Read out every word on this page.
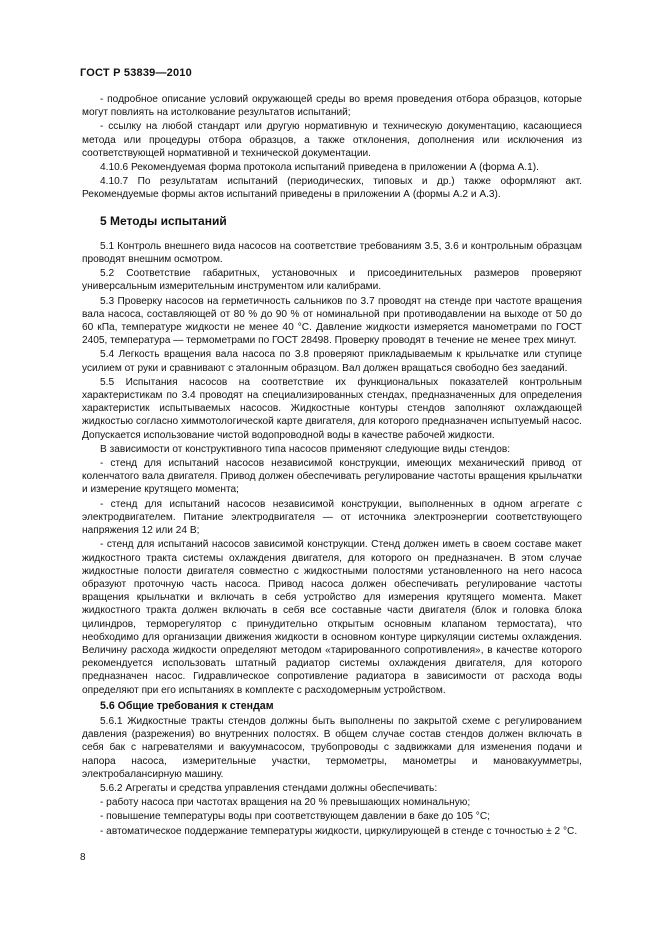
ГОСТ Р 53839—2010

- подробное описание условий окружающей среды во время проведения отбора образцов, которые могут повлиять на истолкование результатов испытаний;

- ссылку на любой стандарт или другую нормативную и техническую документацию, касающиеся метода или процедуры отбора образцов, а также отклонения, дополнения или исключения из соответствующей нормативной и технической документации.

4.10.6 Рекомендуемая форма протокола испытаний приведена в приложении А (форма А.1).

4.10.7 По результатам испытаний (периодических, типовых и др.) также оформляют акт. Рекомендуемые формы актов испытаний приведены в приложении А (формы А.2 и А.3).

5 Методы испытаний

5.1 Контроль внешнего вида насосов на соответствие требованиям 3.5, 3.6 и контрольным образцам проводят внешним осмотром.

5.2 Соответствие габаритных, установочных и присоединительных размеров проверяют универсальным измерительным инструментом или калибрами.

5.3 Проверку насосов на герметичность сальников по 3.7 проводят на стенде при частоте вращения вала насоса, составляющей от 80 % до 90 % от номинальной при противодавлении на выходе от 50 до 60 кПа, температуре жидкости не менее 40 °С. Давление жидкости измеряется манометрами по ГОСТ 2405, температура — термометрами по ГОСТ 28498. Проверку проводят в течение не менее трех минут.

5.4 Легкость вращения вала насоса по 3.8 проверяют прикладываемым к крыльчатке или ступице усилием от руки и сравнивают с эталонным образцом. Вал должен вращаться свободно без заеданий.

5.5 Испытания насосов на соответствие их функциональных показателей контрольным характеристикам по 3.4 проводят на специализированных стендах, предназначенных для определения характеристик испытываемых насосов. Жидкостные контуры стендов заполняют охлаждающей жидкостью согласно химмотологической карте двигателя, для которого предназначен испытуемый насос. Допускается использование чистой водопроводной воды в качестве рабочей жидкости.

В зависимости от конструктивного типа насосов применяют следующие виды стендов:

- стенд для испытаний насосов независимой конструкции, имеющих механический привод от коленчатого вала двигателя. Привод должен обеспечивать регулирование частоты вращения крыльчатки и измерение крутящего момента;

- стенд для испытаний насосов независимой конструкции, выполненных в одном агрегате с электродвигателем. Питание электродвигателя — от источника электроэнергии соответствующего напряжения 12 или 24 В;

- стенд для испытаний насосов зависимой конструкции. Стенд должен иметь в своем составе макет жидкостного тракта системы охлаждения двигателя, для которого он предназначен. В этом случае жидкостные полости двигателя совместно с жидкостными полостями установленного на него насоса образуют проточную часть насоса. Привод насоса должен обеспечивать регулирование частоты вращения крыльчатки и включать в себя устройство для измерения крутящего момента. Макет жидкостного тракта должен включать в себя все составные части двигателя (блок и головка блока цилиндров, терморегулятор с принудительно открытым основным клапаном термостата), что необходимо для организации движения жидкости в основном контуре циркуляции системы охлаждения. Величину расхода жидкости определяют методом «тарированного сопротивления», в качестве которого рекомендуется использовать штатный радиатор системы охлаждения двигателя, для которого предназначен насос. Гидравлическое сопротивление радиатора в зависимости от расхода воды определяют при его испытаниях в комплекте с расходомерным устройством.

5.6 Общие требования к стендам

5.6.1 Жидкостные тракты стендов должны быть выполнены по закрытой схеме с регулированием давления (разрежения) во внутренних полостях. В общем случае состав стендов должен включать в себя бак с нагревателями и вакуумнасосом, трубопроводы с задвижками для изменения подачи и напора насоса, измерительные участки, термометры, манометры и мановакуумметры, электробалансирную машину.

5.6.2 Агрегаты и средства управления стендами должны обеспечивать:

- работу насоса при частотах вращения на 20 % превышающих номинальную;

- повышение температуры воды при соответствующем давлении в баке до 105 °С;

- автоматическое поддержание температуры жидкости, циркулирующей в стенде с точностью ± 2 °С.

8
